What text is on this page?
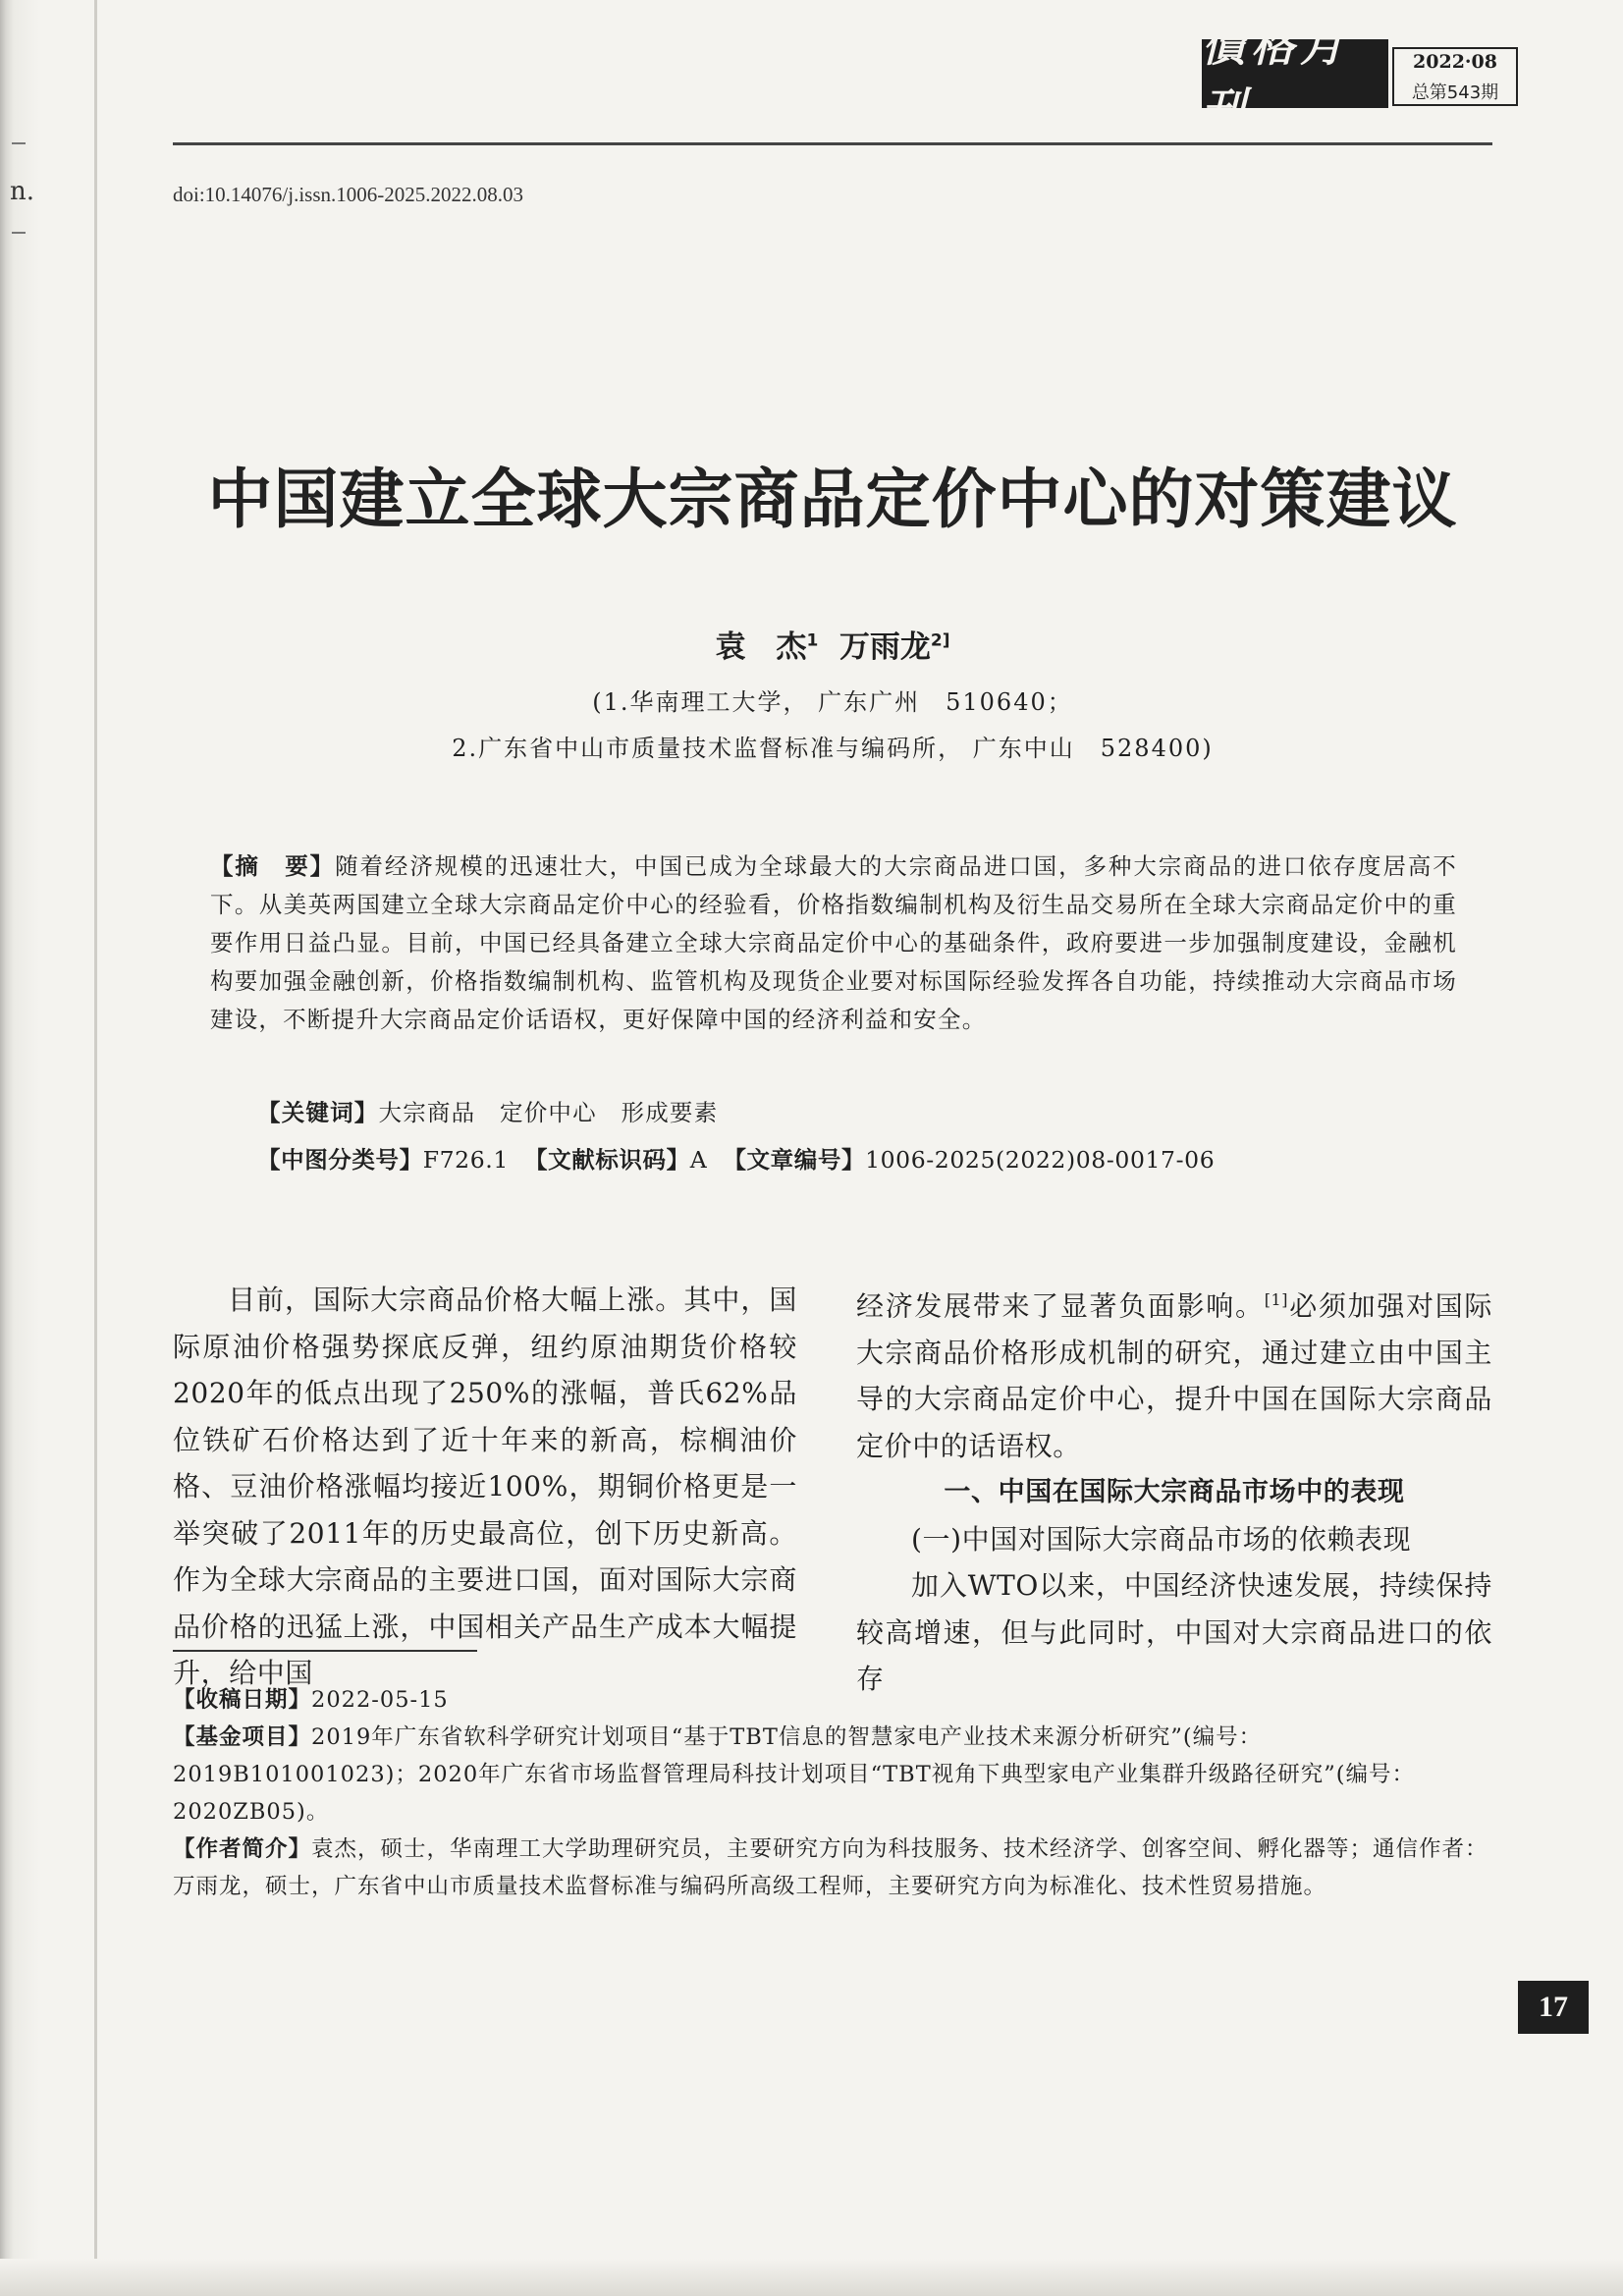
n.
價格月刊
2022·08
总第543期
doi:10.14076/j.issn.1006-2025.2022.08.03
中国建立全球大宗商品定价中心的对策建议
袁　杰$^1$ 万雨龙$^{2]}$
(1.华南理工大学， 广东广州　510640；
2.广东省中山市质量技术监督标准与编码所， 广东中山　528400)
【摘　要】随着经济规模的迅速壮大，中国已成为全球最大的大宗商品进口国，多种大宗商品的进口依存度居高不下。从美英两国建立全球大宗商品定价中心的经验看，价格指数编制机构及衍生品交易所在全球大宗商品定价中的重要作用日益凸显。目前，中国已经具备建立全球大宗商品定价中心的基础条件，政府要进一步加强制度建设，金融机构要加强金融创新，价格指数编制机构、监管机构及现货企业要对标国际经验发挥各自功能，持续推动大宗商品市场建设，不断提升大宗商品定价话语权，更好保障中国的经济利益和安全。
【关键词】大宗商品　定价中心　形成要素
【中图分类号】F726.1 【文献标识码】A 【文章编号】1006-2025(2022)08-0017-06

目前，国际大宗商品价格大幅上涨。其中，国际原油价格强势探底反弹，纽约原油期货价格较2020年的低点出现了250%的涨幅，普氏62%品位铁矿石价格达到了近十年来的新高，棕榈油价格、豆油价格涨幅均接近100%，期铜价格更是一举突破了2011年的历史最高位，创下历史新高。作为全球大宗商品的主要进口国，面对国际大宗商品价格的迅猛上涨，中国相关产品生产成本大幅提升，给中国

经济发展带来了显著负面影响。[1]必须加强对国际大宗商品价格形成机制的研究，通过建立由中国主导的大宗商品定价中心，提升中国在国际大宗商品定价中的话语权。

一、中国在国际大宗商品市场中的表现

(一)中国对国际大宗商品市场的依赖表现

加入WTO以来，中国经济快速发展，持续保持较高增速，但与此同时，中国对大宗商品进口的依存

【收稿日期】2022-05-15

【基金项目】2019年广东省软科学研究计划项目“基于TBT信息的智慧家电产业技术来源分析研究”(编号：2019B101001023)；2020年广东省市场监督管理局科技计划项目“TBT视角下典型家电产业集群升级路径研究”(编号：2020ZB05)。

【作者简介】袁杰，硕士，华南理工大学助理研究员，主要研究方向为科技服务、技术经济学、创客空间、孵化器等；通信作者：万雨龙，硕士，广东省中山市质量技术监督标准与编码所高级工程师，主要研究方向为标准化、技术性贸易措施。

17
